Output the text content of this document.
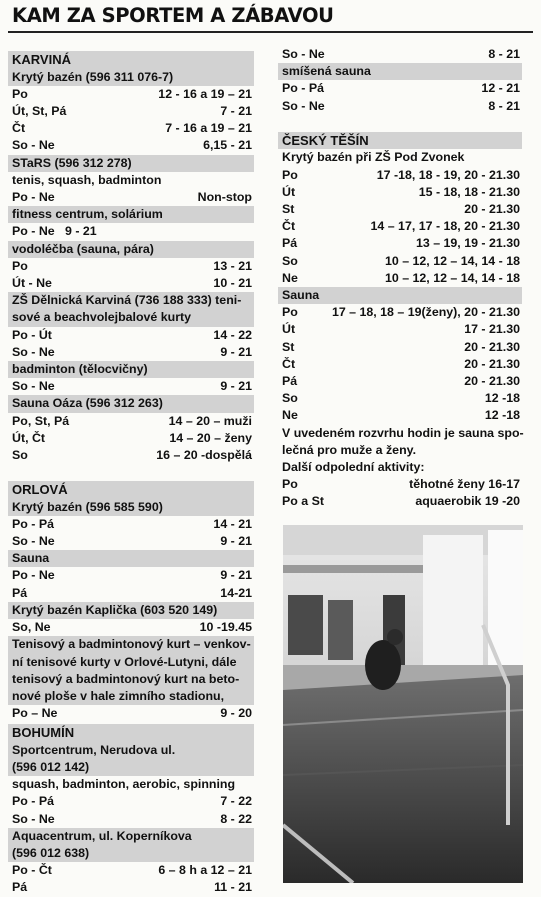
KAM ZA SPORTEM A ZÁBAVOU
KARVINÁ
Krytý bazén (596 311 076-7)
Po	12 - 16 a 19 – 21
Út, St, Pá	7 - 21
Čt	7 - 16 a 19 – 21
So - Ne	6,15 - 21
STaRS (596 312 278)
tenis, squash, badminton
Po - Ne	Non-stop
fitness centrum, solárium
Po - Ne   9 - 21
vodoléčba (sauna, pára)
Po	13 - 21
Út - Ne	10 - 21
ZŠ Dělnická Karviná (736 188 333) teni-
sové a beachvolejbalové kurty
Po - Út	14 - 22
So - Ne	9 - 21
badminton (tělocvičny)
So - Ne	9 - 21
Sauna Oáza (596 312 263)
Po, St, Pá	14 – 20 – muži
Út, Čt	14 – 20 – ženy
So	16 – 20 -dospělá
ORLOVÁ
Krytý bazén (596 585 590)
Po - Pá	14 - 21
So - Ne	9 - 21
Sauna
Po - Ne	9 - 21
Pá	14-21
Krytý bazén Kaplička (603 520 149)
So, Ne	10 -19.45
Tenisový a badmintonový kurt – venkov-
ní tenisové kurty v Orlové-Lutyni, dále
tenisový a badmintonový kurt na beto-
nové ploše v hale zimního stadionu,
Po – Ne	9 - 20
BOHUMÍN
Sportcentrum, Nerudova ul.
(596 012 142)
squash, badminton, aerobic, spinning
Po - Pá	7 - 22
So - Ne	8 - 22
Aquacentrum, ul. Koperníkova
(596 012 638)
Po - Čt	6 – 8 h a 12 – 21
Pá	11 - 21
So - Ne	8 - 21
smíšená sauna
Po - Pá	12 - 21
So - Ne	8 - 21
ČESKÝ TĚŠÍN
Krytý bazén při ZŠ Pod Zvonek
Po	17 -18, 18 - 19, 20 - 21.30
Út	15 - 18, 18 - 21.30
St	20 - 21.30
Čt	14 – 17, 17 - 18, 20 - 21.30
Pá	13 – 19, 19 - 21.30
So	10 – 12, 12 – 14, 14 - 18
Ne	10 – 12, 12 – 14, 14 - 18
Sauna
Po	17 – 18, 18 – 19(ženy), 20 - 21.30
Út	17 - 21.30
St	20 - 21.30
Čt	20 - 21.30
Pá	20 - 21.30
So	12 -18
Ne	12 -18
V uvedeném rozvrhu hodin je sauna spo-
lečná pro muže a ženy.
Další odpolední aktivity:
Po	těhotné ženy 16-17
Po a St	aquaerobik 19 -20
